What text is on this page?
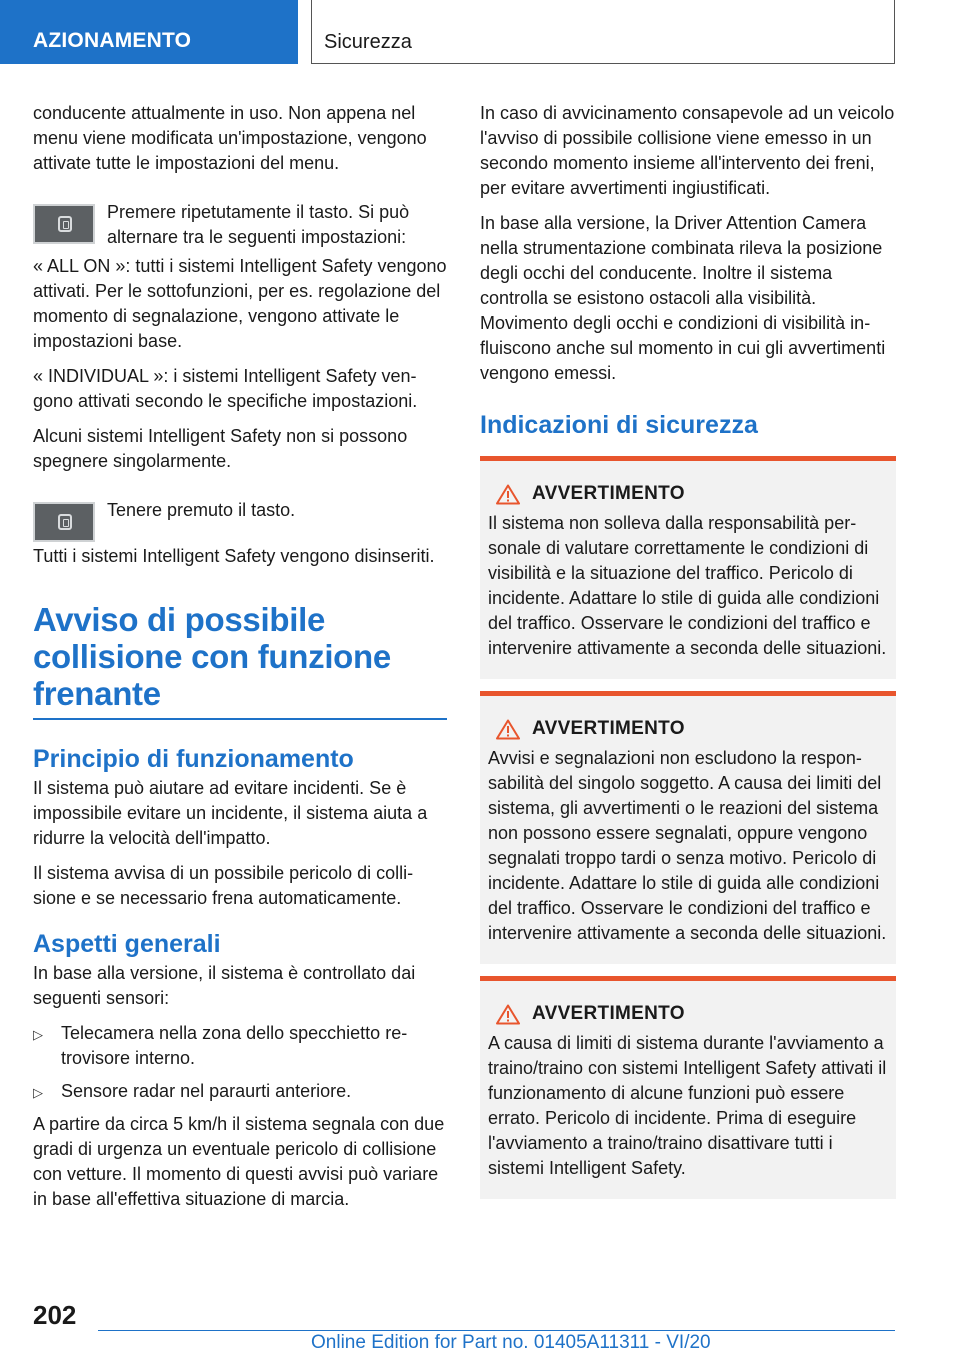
AZIONAMENTO	Sicurezza

conducente attualmente in uso. Non appena nel menu viene modificata un'impostazione, vengono attivate tutte le impostazioni del menu.

Premere ripetutamente il tasto. Si può alternare tra le seguenti impostazioni:

« ALL ON »: tutti i sistemi Intelligent Safety vengono attivati. Per le sottofunzioni, per es. regolazione del momento di segnalazione, vengono attivate le impostazioni base.

« INDIVIDUAL »: i sistemi Intelligent Safety vengono attivati secondo le specifiche impostazioni.

Alcuni sistemi Intelligent Safety non si possono spegnere singolarmente.

Tenere premuto il tasto.

Tutti i sistemi Intelligent Safety vengono disinseriti.

Avviso di possibile collisione con funzione frenante
Principio di funzionamento

Il sistema può aiutare ad evitare incidenti. Se è impossibile evitare un incidente, il sistema aiuta a ridurre la velocità dell'impatto.

Il sistema avvisa di un possibile pericolo di collisione e se necessario frena automaticamente.

Aspetti generali

In base alla versione, il sistema è controllato dai seguenti sensori:

▷ Telecamera nella zona dello specchietto retrovisore interno.
▷ Sensore radar nel paraurti anteriore.

A partire da circa 5 km/h il sistema segnala con due gradi di urgenza un eventuale pericolo di collisione con vetture. Il momento di questi avvisi può variare in base all'effettiva situazione di marcia.

In caso di avvicinamento consapevole ad un veicolo l'avviso di possibile collisione viene emesso in un secondo momento insieme all'intervento dei freni, per evitare avvertimenti ingiustificati.

In base alla versione, la Driver Attention Camera nella strumentazione combinata rileva la posizione degli occhi del conducente. Inoltre il sistema controlla se esistono ostacoli alla visibilità. Movimento degli occhi e condizioni di visibilità influiscono anche sul momento in cui gli avvertimenti vengono emessi.

Indicazioni di sicurezza
AVVERTIMENTO

Il sistema non solleva dalla responsabilità personale di valutare correttamente le condizioni di visibilità e la situazione del traffico. Pericolo di incidente. Adattare lo stile di guida alle condizioni del traffico. Osservare le condizioni del traffico e intervenire attivamente a seconda delle situazioni.

AVVERTIMENTO

Avvisi e segnalazioni non escludono la responsabilità del singolo soggetto. A causa dei limiti del sistema, gli avvertimenti o le reazioni del sistema non possono essere segnalati, oppure vengono segnalati troppo tardi o senza motivo. Pericolo di incidente. Adattare lo stile di guida alle condizioni del traffico. Osservare le condizioni del traffico e intervenire attivamente a seconda delle situazioni.

AVVERTIMENTO

A causa di limiti di sistema durante l'avviamento a traino/traino con sistemi Intelligent Safety attivati il funzionamento di alcune funzioni può essere errato. Pericolo di incidente. Prima di eseguire l'avviamento a traino/traino disattivare tutti i sistemi Intelligent Safety.

202
Online Edition for Part no. 01405A11311 - VI/20
